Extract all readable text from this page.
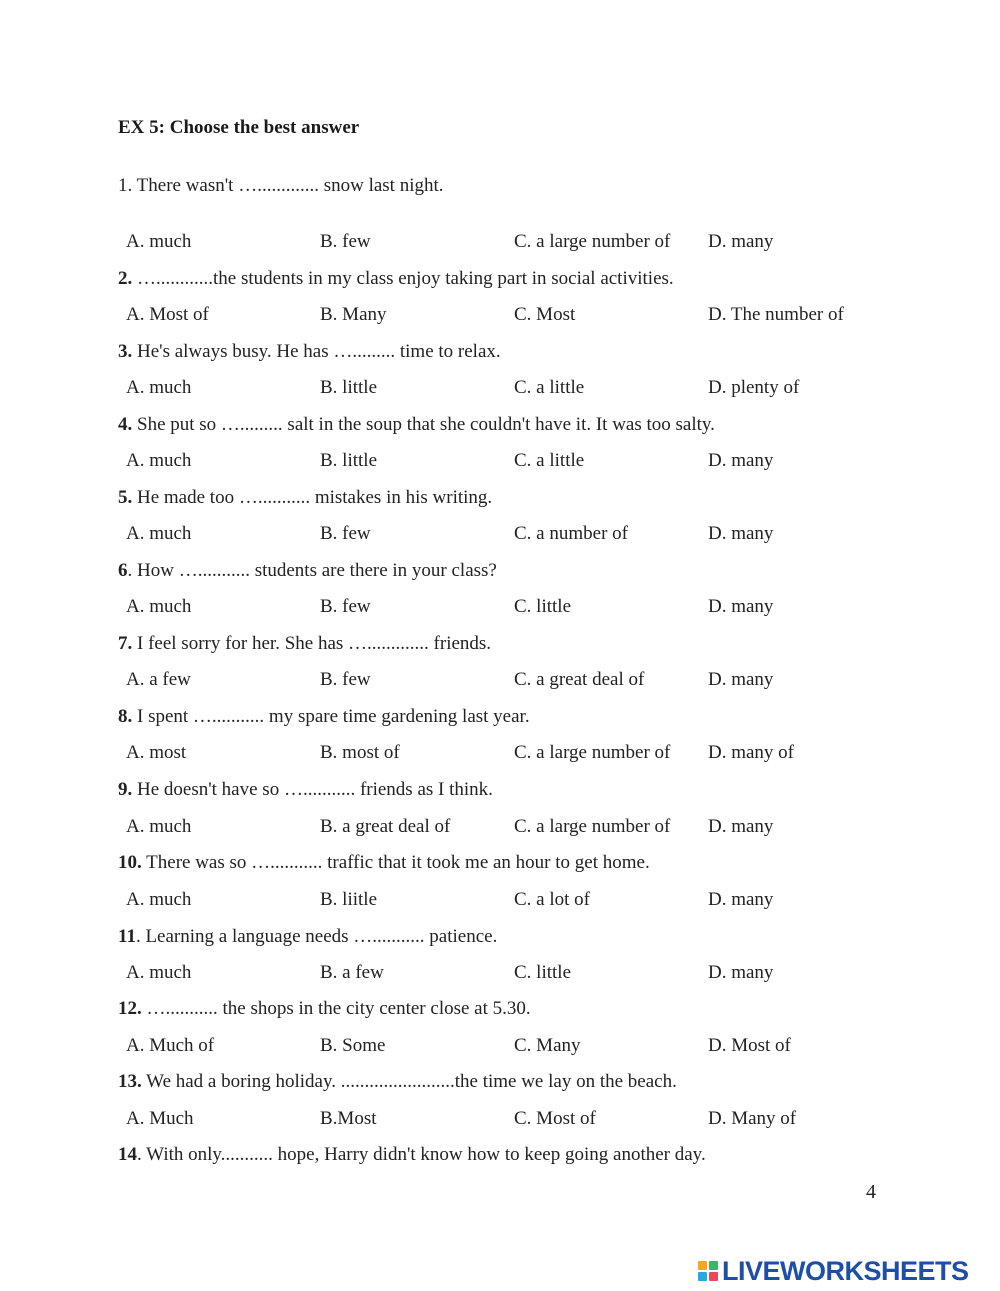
EX 5: Choose the best answer
1. There wasn't …............. snow last night.
A. much	B. few	C. a large number of D. many
2. …............the students in my class enjoy taking part in social activities.
A. Most of	B. Many	C. Most	D. The number of
3. He's always busy. He has …......... time to relax.
A. much	B. little	C. a little	D. plenty of
4. She put so …......... salt in the soup that she couldn't have it. It was too salty.
A. much	B. little	C. a little	D. many
5. He made too …........... mistakes in his writing.
A. much	B. few	C. a number of	D. many
6. How …........... students are there in your class?
A. much	B. few	C. little	D. many
7. I feel sorry for her. She has …............. friends.
A. a few	B. few	C. a great deal of	D. many
8. I spent …........... my spare time gardening last year.
A. most	B. most of	C. a large number of D. many of
9. He doesn't have so …........... friends as I think.
A. much	B. a great deal of	C. a large number of D. many
10. There was so …........... traffic that it took me an hour to get home.
A. much	B. liitle	C. a lot of	D. many
11. Learning a language needs …........... patience.
A. much	B. a few	C. little	D. many
12. …........... the shops in the city center close at 5.30.
A. Much of	B. Some	C. Many	D. Most of
13. We had a boring holiday. ........................the time we lay on the beach.
A. Much	B.Most	C. Most of	D. Many of
14. With only........... hope, Harry didn't know how to keep going another day.
4
LIVEWORKSHEETS
